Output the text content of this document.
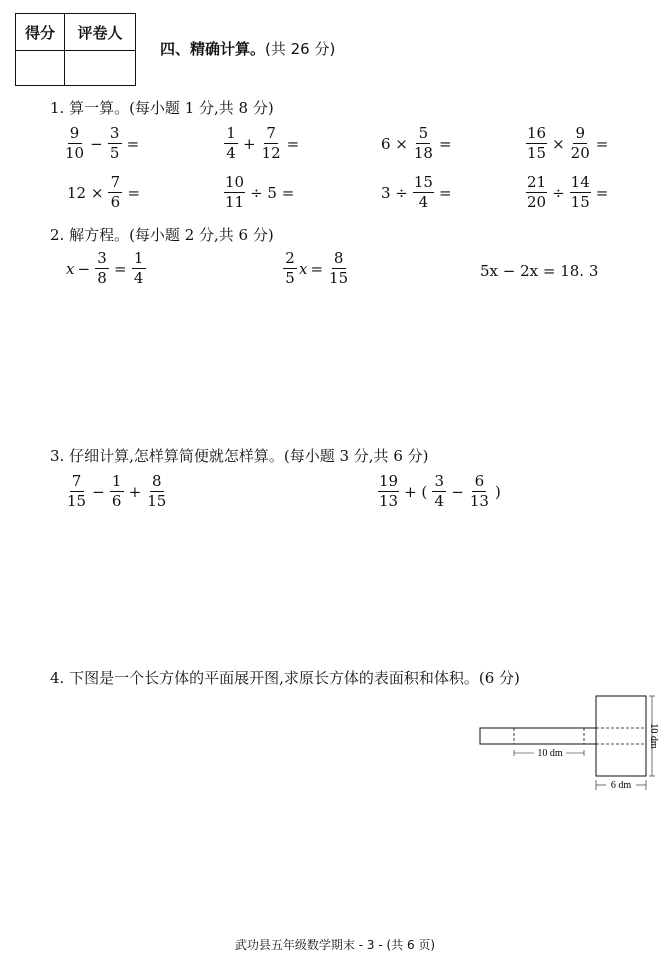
得分	评卷人

四、精确计算。(共 26 分)
1. 算一算。(每小题 1 分,共 8 分)
$\frac{9}{10} - \frac{3}{5}$ =	$\frac{1}{4} + \frac{7}{12}$ =	$6 \times \frac{5}{18}$ =	$\frac{16}{15} \times \frac{9}{20}$ =
$12 \times \frac{7}{6}$ =	$\frac{10}{11} \div 5$ =	$3 \div \frac{15}{4}$ =	$\frac{21}{20} \div \frac{14}{15}$ =
2. 解方程。(每小题 2 分,共 6 分)
$x - \frac{3}{8} = \frac{1}{4}$	$\frac{2}{5}$ $x = \frac{8}{15}$	5x − 2x = 18. 3
3. 仔细计算,怎样算简便就怎样算。(每小题 3 分,共 6 分)
$\frac{7}{15} - \frac{1}{6} + \frac{8}{15}$	$\frac{19}{13}$ + ( $\frac{3}{4} - \frac{6}{13}$ )
4. 下图是一个长方体的平面展开图,求原长方体的表面积和体积。(6 分)
10 dm
10 dm
6 dm
武功县五年级数学期末 - 3 - (共 6 页)
